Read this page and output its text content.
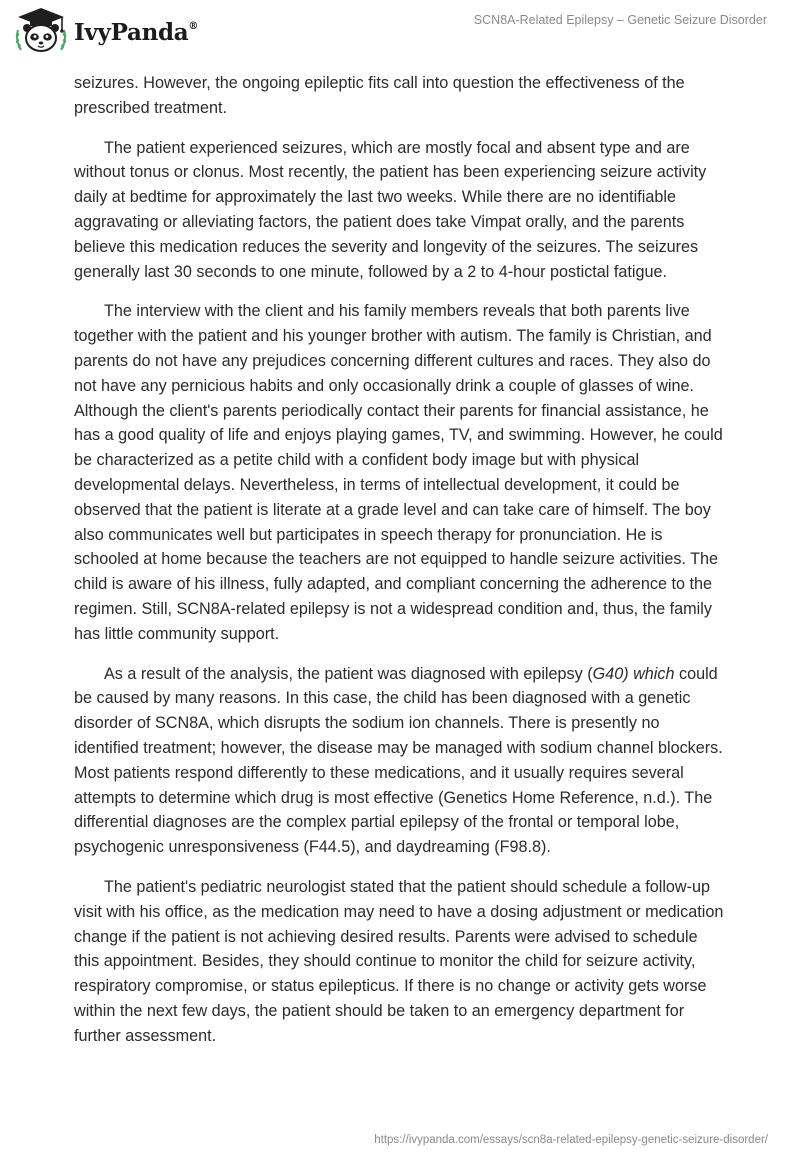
IvyPanda®	SCN8A-Related Epilepsy – Genetic Seizure Disorder

seizures. However, the ongoing epileptic fits call into question the effectiveness of the prescribed treatment.

The patient experienced seizures, which are mostly focal and absent type and are without tonus or clonus. Most recently, the patient has been experiencing seizure activity daily at bedtime for approximately the last two weeks. While there are no identifiable aggravating or alleviating factors, the patient does take Vimpat orally, and the parents believe this medication reduces the severity and longevity of the seizures. The seizures generally last 30 seconds to one minute, followed by a 2 to 4-hour postictal fatigue.

The interview with the client and his family members reveals that both parents live together with the patient and his younger brother with autism. The family is Christian, and parents do not have any prejudices concerning different cultures and races. They also do not have any pernicious habits and only occasionally drink a couple of glasses of wine. Although the client's parents periodically contact their parents for financial assistance, he has a good quality of life and enjoys playing games, TV, and swimming. However, he could be characterized as a petite child with a confident body image but with physical developmental delays. Nevertheless, in terms of intellectual development, it could be observed that the patient is literate at a grade level and can take care of himself. The boy also communicates well but participates in speech therapy for pronunciation. He is schooled at home because the teachers are not equipped to handle seizure activities. The child is aware of his illness, fully adapted, and compliant concerning the adherence to the regimen. Still, SCN8A-related epilepsy is not a widespread condition and, thus, the family has little community support.

As a result of the analysis, the patient was diagnosed with epilepsy (G40) which could be caused by many reasons. In this case, the child has been diagnosed with a genetic disorder of SCN8A, which disrupts the sodium ion channels. There is presently no identified treatment; however, the disease may be managed with sodium channel blockers. Most patients respond differently to these medications, and it usually requires several attempts to determine which drug is most effective (Genetics Home Reference, n.d.). The differential diagnoses are the complex partial epilepsy of the frontal or temporal lobe, psychogenic unresponsiveness (F44.5), and daydreaming (F98.8).

The patient's pediatric neurologist stated that the patient should schedule a follow-up visit with his office, as the medication may need to have a dosing adjustment or medication change if the patient is not achieving desired results. Parents were advised to schedule this appointment. Besides, they should continue to monitor the child for seizure activity, respiratory compromise, or status epilepticus. If there is no change or activity gets worse within the next few days, the patient should be taken to an emergency department for further assessment.

https://ivypanda.com/essays/scn8a-related-epilepsy-genetic-seizure-disorder/
